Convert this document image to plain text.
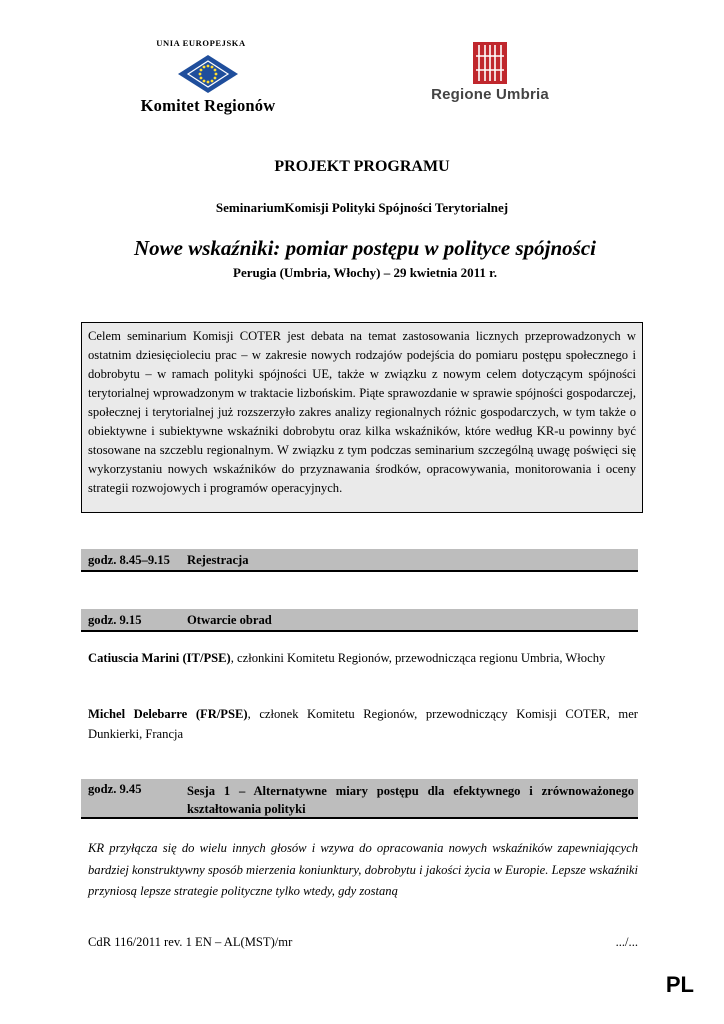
UNIA EUROPEJSKA
Komitet Regionów
Regione Umbria
PROJEKT PROGRAMU
SeminariumKomisji Polityki Spójności Terytorialnej
Nowe wskaźniki: pomiar postępu w polityce spójności
Perugia (Umbria, Włochy) – 29 kwietnia 2011 r.
Celem seminarium Komisji COTER jest debata na temat zastosowania licznych przeprowadzonych w ostatnim dziesięcioleciu prac – w zakresie nowych rodzajów podejścia do pomiaru postępu społecznego i dobrobytu – w ramach polityki spójności UE, także w związku z nowym celem dotyczącym spójności terytorialnej wprowadzonym w traktacie lizbońskim. Piąte sprawozdanie w sprawie spójności gospodarczej, społecznej i terytorialnej już rozszerzyło zakres analizy regionalnych różnic gospodarczych, w tym także o obiektywne i subiektywne wskaźniki dobrobytu oraz kilka wskaźników, które według KR-u powinny być stosowane na szczeblu regionalnym. W związku z tym podczas seminarium szczególną uwagę poświęci się wykorzystaniu nowych wskaźników do przyznawania środków, opracowywania, monitorowania i oceny strategii rozwojowych i programów operacyjnych.
godz. 8.45–9.15 Rejestracja
godz. 9.15	Otwarcie obrad
Catiuscia Marini (IT/PSE), członkini Komitetu Regionów, przewodnicząca regionu Umbria, Włochy
Michel Delebarre (FR/PSE), członek Komitetu Regionów, przewodniczący Komisji COTER, mer Dunkierki, Francja
godz. 9.45	Sesja 1 – Alternatywne miary postępu dla efektywnego i zrównoważonego kształtowania polityki
KR przyłącza się do wielu innych głosów i wzywa do opracowania nowych wskaźników zapewniających bardziej konstruktywny sposób mierzenia koniunktury, dobrobytu i jakości życia w Europie. Lepsze wskaźniki przyniosą lepsze strategie polityczne tylko wtedy, gdy zostaną
CdR 116/2011 rev. 1 EN – AL(MST)/mr	.../...
PL
